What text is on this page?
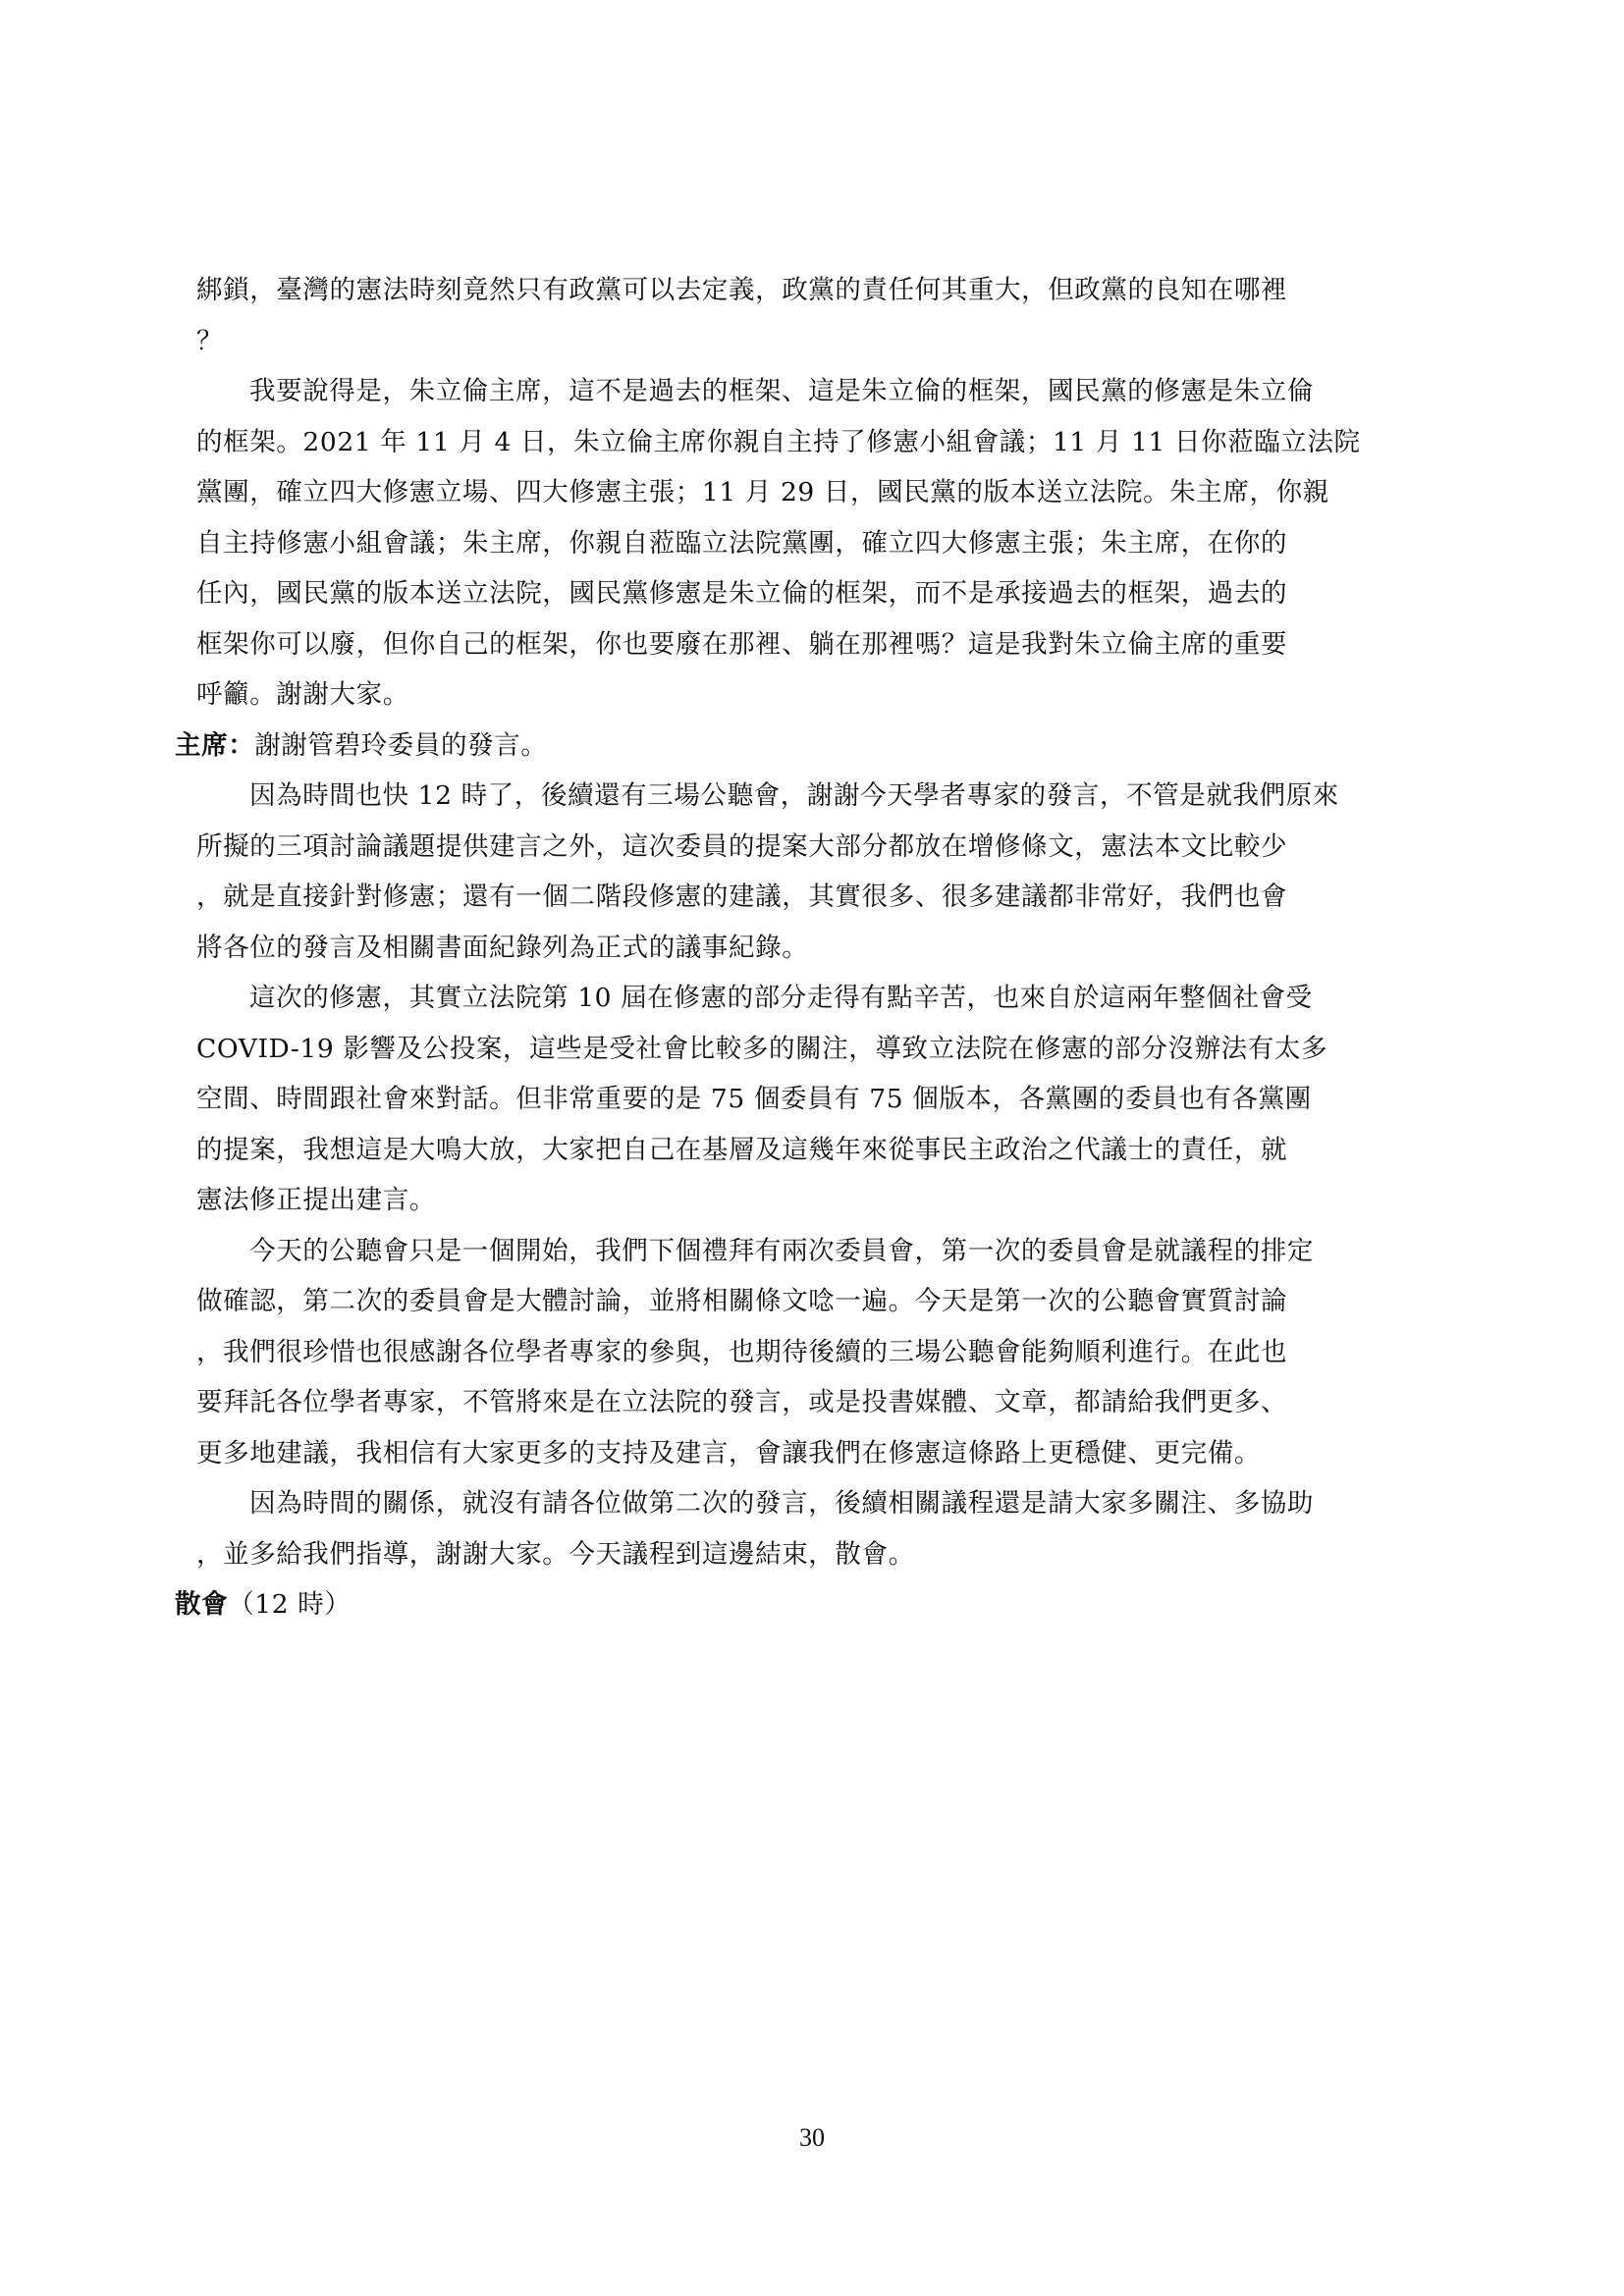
綁鎖，臺灣的憲法時刻竟然只有政黨可以去定義，政黨的責任何其重大，但政黨的良知在哪裡
？
我要說得是，朱立倫主席，這不是過去的框架、這是朱立倫的框架，國民黨的修憲是朱立倫
的框架。2021 年 11 月 4 日，朱立倫主席你親自主持了修憲小組會議；11 月 11 日你蒞臨立法院
黨團，確立四大修憲立場、四大修憲主張；11 月 29 日，國民黨的版本送立法院。朱主席，你親
自主持修憲小組會議；朱主席，你親自蒞臨立法院黨團，確立四大修憲主張；朱主席，在你的
任內，國民黨的版本送立法院，國民黨修憲是朱立倫的框架，而不是承接過去的框架，過去的
框架你可以廢，但你自己的框架，你也要廢在那裡、躺在那裡嗎？這是我對朱立倫主席的重要
呼籲。謝謝大家。
主席：謝謝管碧玲委員的發言。
因為時間也快 12 時了，後續還有三場公聽會，謝謝今天學者專家的發言，不管是就我們原來
所擬的三項討論議題提供建言之外，這次委員的提案大部分都放在增修條文，憲法本文比較少
，就是直接針對修憲；還有一個二階段修憲的建議，其實很多、很多建議都非常好，我們也會
將各位的發言及相關書面紀錄列為正式的議事紀錄。
這次的修憲，其實立法院第 10 屆在修憲的部分走得有點辛苦，也來自於這兩年整個社會受
COVID-19 影響及公投案，這些是受社會比較多的關注，導致立法院在修憲的部分沒辦法有太多
空間、時間跟社會來對話。但非常重要的是 75 個委員有 75 個版本，各黨團的委員也有各黨團
的提案，我想這是大鳴大放，大家把自己在基層及這幾年來從事民主政治之代議士的責任，就
憲法修正提出建言。
今天的公聽會只是一個開始，我們下個禮拜有兩次委員會，第一次的委員會是就議程的排定
做確認，第二次的委員會是大體討論，並將相關條文唸一遍。今天是第一次的公聽會實質討論
，我們很珍惜也很感謝各位學者專家的參與，也期待後續的三場公聽會能夠順利進行。在此也
要拜託各位學者專家，不管將來是在立法院的發言，或是投書媒體、文章，都請給我們更多、
更多地建議，我相信有大家更多的支持及建言，會讓我們在修憲這條路上更穩健、更完備。
因為時間的關係，就沒有請各位做第二次的發言，後續相關議程還是請大家多關注、多協助
，並多給我們指導，謝謝大家。今天議程到這邊結束，散會。
散會（12 時）
30
